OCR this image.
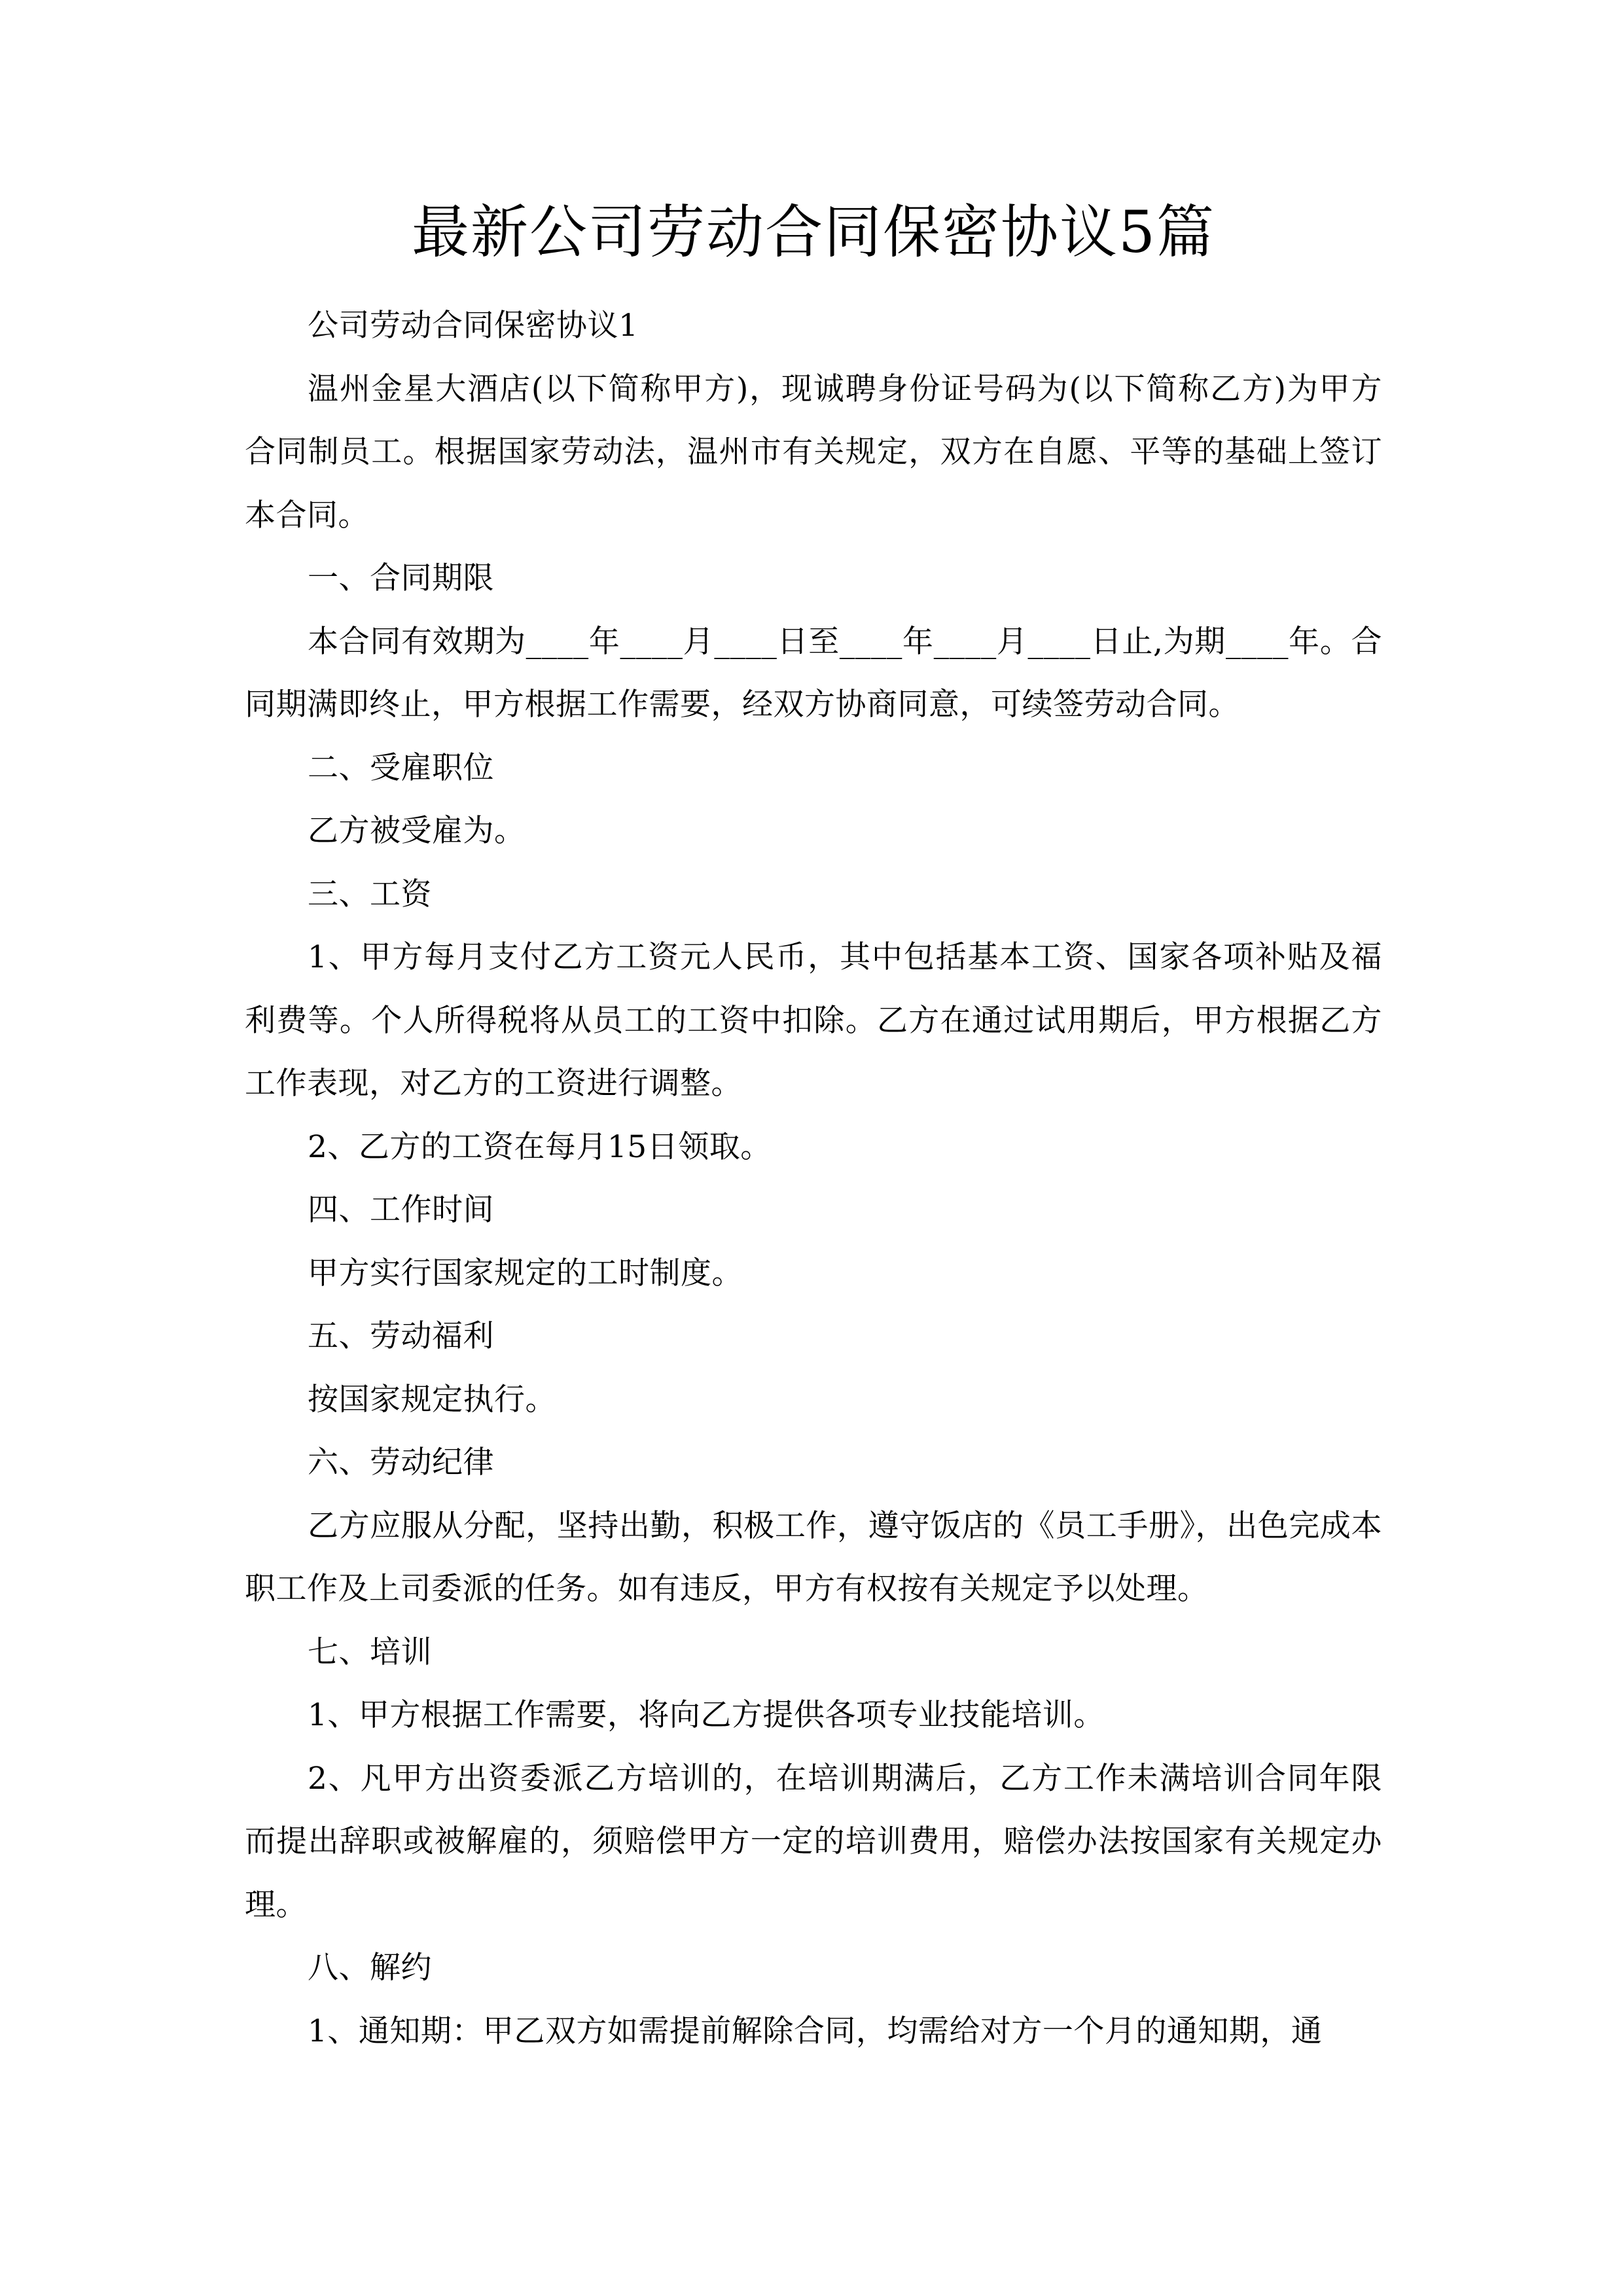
最新公司劳动合同保密协议5篇

公司劳动合同保密协议1

温州金星大酒店(以下简称甲方)，现诚聘身份证号码为(以下简称乙方)为甲方合同制员工。根据国家劳动法，温州市有关规定，双方在自愿、平等的基础上签订本合同。

一、合同期限

本合同有效期为____年____月____日至____年____月____日止,为期____年。合同期满即终止，甲方根据工作需要，经双方协商同意，可续签劳动合同。

二、受雇职位

乙方被受雇为。

三、工资

1、甲方每月支付乙方工资元人民币，其中包括基本工资、国家各项补贴及福利费等。个人所得税将从员工的工资中扣除。乙方在通过试用期后，甲方根据乙方工作表现，对乙方的工资进行调整。

2、乙方的工资在每月15日领取。

四、工作时间

甲方实行国家规定的工时制度。

五、劳动福利

按国家规定执行。

六、劳动纪律

乙方应服从分配，坚持出勤，积极工作，遵守饭店的《员工手册》，出色完成本职工作及上司委派的任务。如有违反，甲方有权按有关规定予以处理。

七、培训

1、甲方根据工作需要，将向乙方提供各项专业技能培训。

2、凡甲方出资委派乙方培训的，在培训期满后，乙方工作未满培训合同年限而提出辞职或被解雇的，须赔偿甲方一定的培训费用，赔偿办法按国家有关规定办理。

八、解约

1、通知期：甲乙双方如需提前解除合同，均需给对方一个月的通知期，通
